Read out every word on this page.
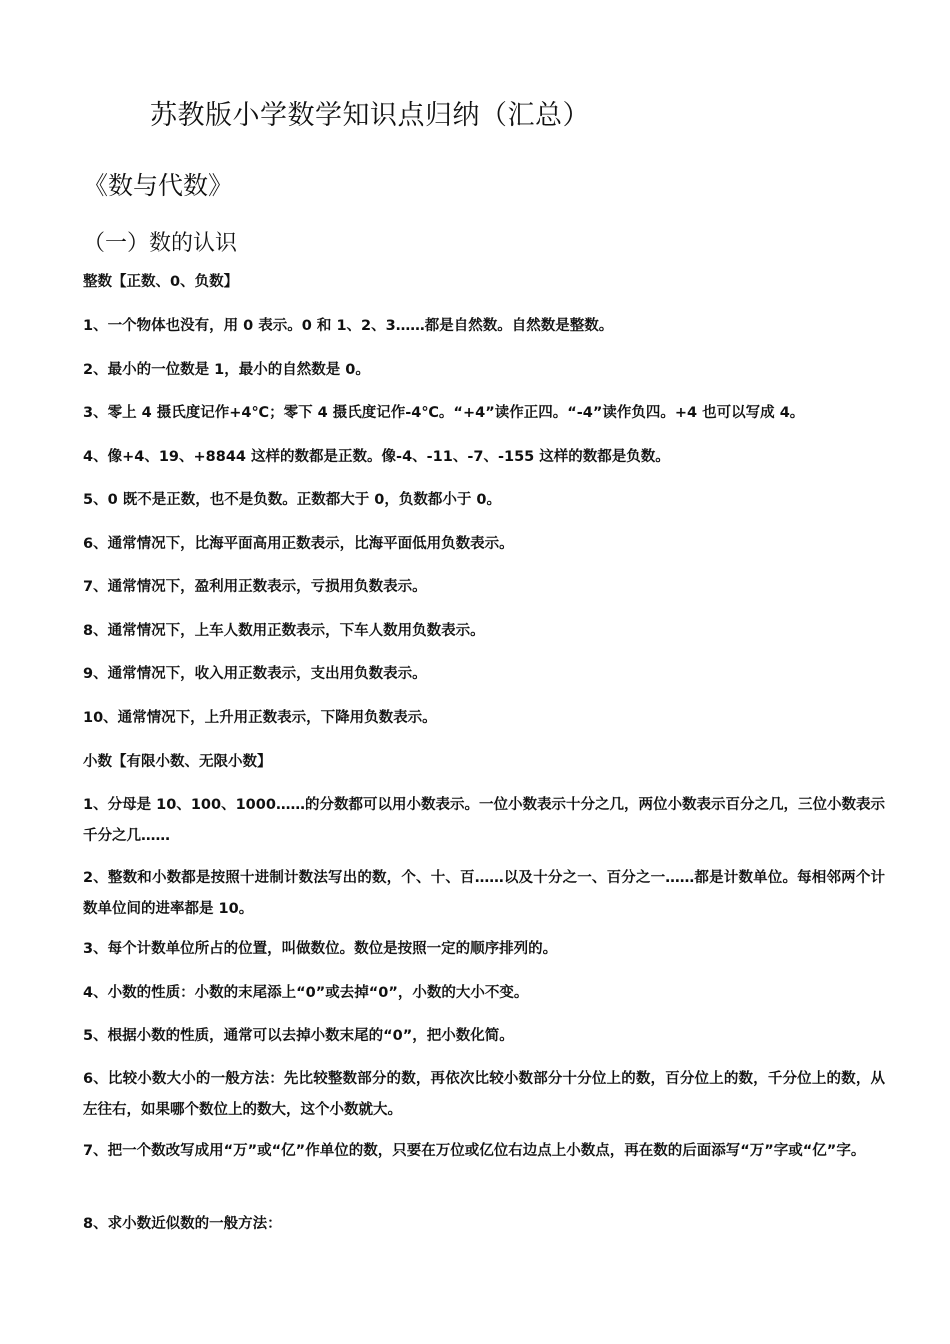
苏教版小学数学知识点归纳（汇总）
《数与代数》
（一）数的认识
整数【正数、0、负数】
1、一个物体也没有，用 0 表示。0 和 1、2、3……都是自然数。自然数是整数。
2、最小的一位数是 1，最小的自然数是 0。
3、零上 4 摄氏度记作+4℃；零下 4 摄氏度记作-4℃。“+4”读作正四。“-4”读作负四。+4 也可以写成 4。
4、像+4、19、+8844 这样的数都是正数。像-4、-11、-7、-155 这样的数都是负数。
5、0 既不是正数，也不是负数。正数都大于 0，负数都小于 0。
6、通常情况下，比海平面高用正数表示，比海平面低用负数表示。
7、通常情况下，盈利用正数表示，亏损用负数表示。
8、通常情况下，上车人数用正数表示，下车人数用负数表示。
9、通常情况下，收入用正数表示，支出用负数表示。
10、通常情况下，上升用正数表示，下降用负数表示。
小数【有限小数、无限小数】
1、分母是 10、100、1000……的分数都可以用小数表示。一位小数表示十分之几，两位小数表示百分之几，三位小数表示千分之几……
2、整数和小数都是按照十进制计数法写出的数，个、十、百……以及十分之一、百分之一……都是计数单位。每相邻两个计数单位间的进率都是 10。
3、每个计数单位所占的位置，叫做数位。数位是按照一定的顺序排列的。
4、小数的性质：小数的末尾添上“0”或去掉“0”，小数的大小不变。
5、根据小数的性质，通常可以去掉小数末尾的“0”，把小数化简。
6、比较小数大小的一般方法：先比较整数部分的数，再依次比较小数部分十分位上的数，百分位上的数，千分位上的数，从左往右，如果哪个数位上的数大，这个小数就大。
7、把一个数改写成用“万”或“亿”作单位的数，只要在万位或亿位右边点上小数点，再在数的后面添写“万”字或“亿”字。
8、求小数近似数的一般方法：
